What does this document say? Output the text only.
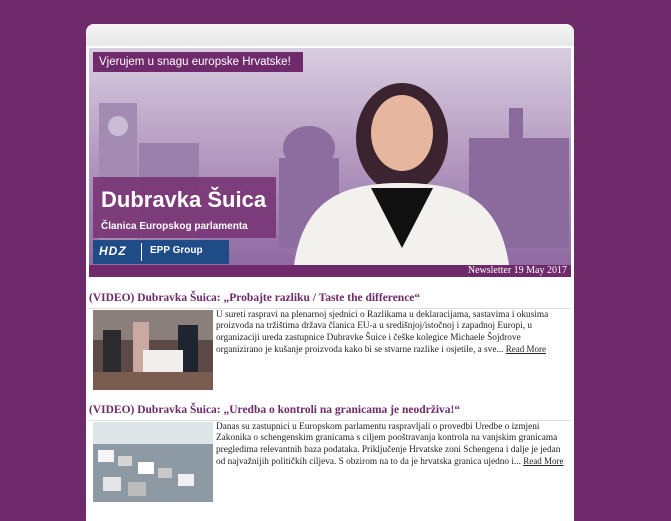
Vjerujem u snagu europske Hrvatske!
Dubravka Šuica
Članica Europskog parlamenta
HDZ EPP Group
Newsletter 19 May 2017
(VIDEO) Dubravka Šuica: „Probajte razliku / Taste the difference“
U sureti raspravi na plenarnoj sjednici o Razlikama u deklaracijama, sastavima i okusima proizvoda na tržištima država članica EU-a u središnjoj/istočnoj i zapadnoj Europi, u organizaciji ureda zastupnice Dubravke Šuice i češke kolegice Michaele Šojdrove organizirano je kušanje proizvoda kako bi se stvarne razlike i osjetile, a sve... Read More
(VIDEO) Dubravka Šuica: „Uredba o kontroli na granicama je neodrživa!“
Danas su zastupnici u Europskom parlamentu raspravljali o provedbi Uredbe o izmjeni Zakonika o schengenskim granicama s ciljem pooštravanja kontrola na vanjskim granicama pregledima relevantnih baza podataka. Priključenje Hrvatske zoni Schengena i dalje je jedan od najvažnijih političkih ciljeva. S obzirom na to da je hrvatska granica ujedno i... Read More
